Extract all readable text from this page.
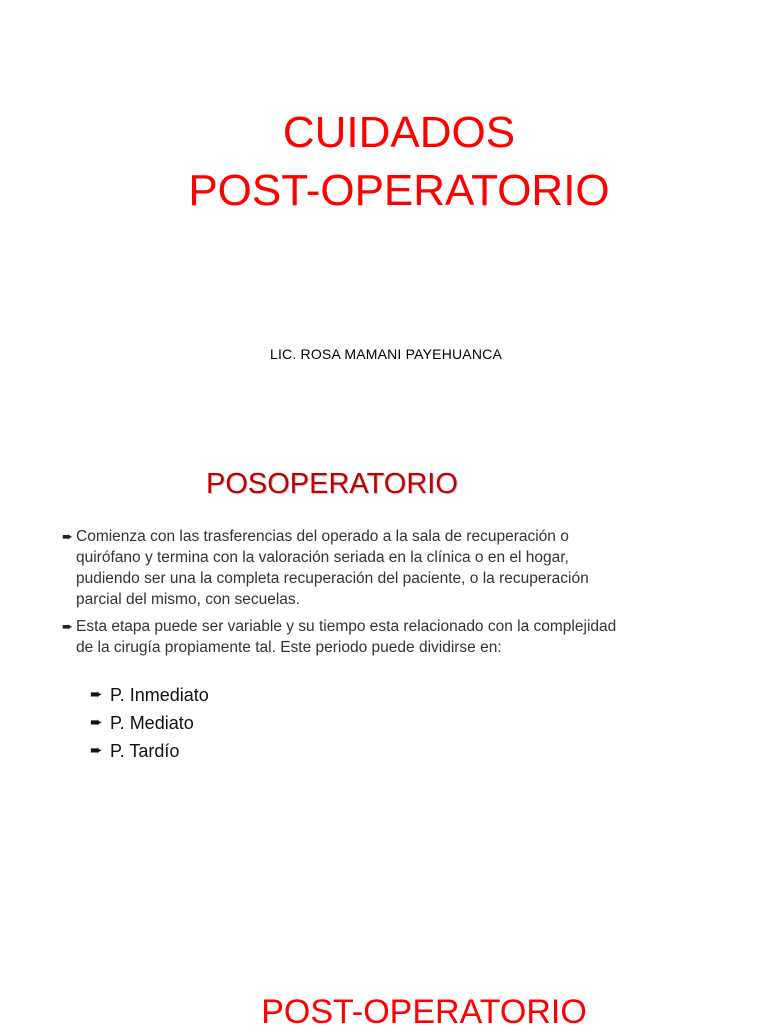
CUIDADOS
POST-OPERATORIO
LIC. ROSA MAMANI PAYEHUANCA
POSOPERATORIO
➨ Comienza con las trasferencias del operado a la sala de recuperación o quirófano y termina con la valoración seriada en la clínica o en el hogar, pudiendo ser una la completa recuperación del paciente, o la recuperación parcial del mismo, con secuelas.
➨ Esta etapa puede ser variable y su tiempo esta relacionado con la complejidad de la cirugía propiamente tal. Este periodo puede dividirse en:
➨ P. Inmediato
➨ P. Mediato
➨ P. Tardío
POST-OPERATORIO
